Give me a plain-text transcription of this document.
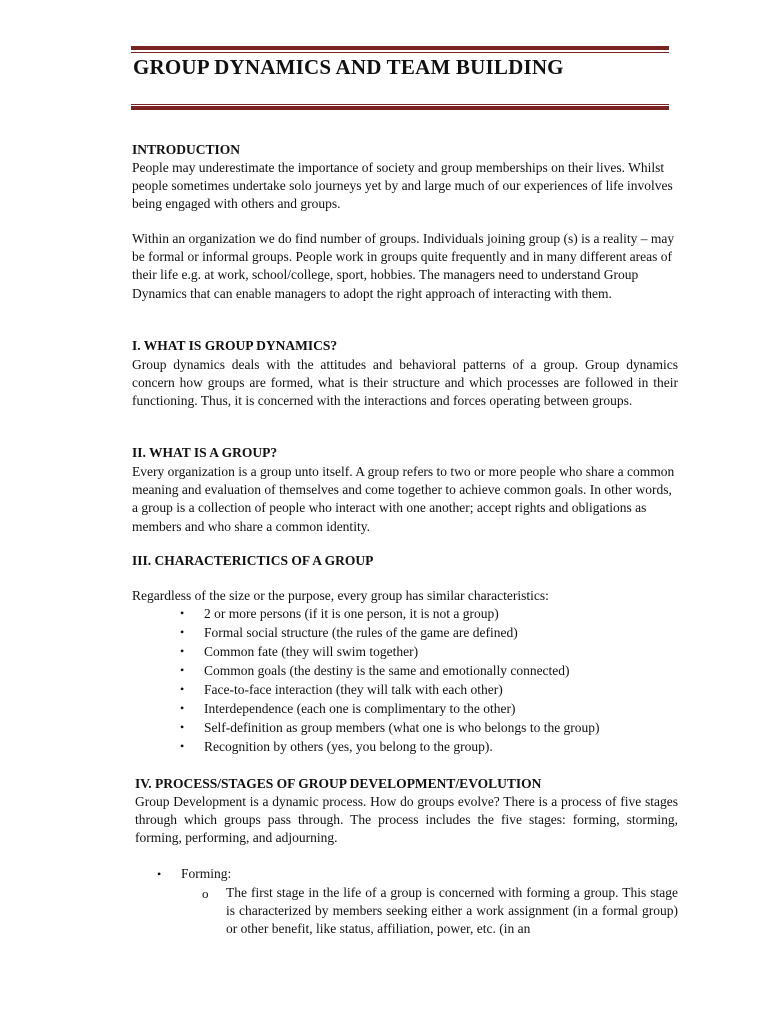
GROUP DYNAMICS AND TEAM BUILDING
INTRODUCTION
People may underestimate the importance of society and group memberships on their lives. Whilst people sometimes undertake solo journeys yet by and large much of our experiences of life involves being engaged with others and groups.
Within an organization we do find number of groups. Individuals joining group (s) is a reality – may be formal or informal groups. People work in groups quite frequently and in many different areas of their life e.g. at work, school/college, sport, hobbies. The managers need to understand Group Dynamics that can enable managers to adopt the right approach of interacting with them.
I. WHAT IS GROUP DYNAMICS?
Group dynamics deals with the attitudes and behavioral patterns of a group. Group dynamics concern how groups are formed, what is their structure and which processes are followed in their functioning. Thus, it is concerned with the interactions and forces operating between groups.
II. WHAT IS A GROUP?
Every organization is a group unto itself. A group refers to two or more people who share a common meaning and evaluation of themselves and come together to achieve common goals. In other words, a group is a collection of people who interact with one another; accept rights and obligations as members and who share a common identity.
III. CHARACTERICTICS OF A GROUP
Regardless of the size or the purpose, every group has similar characteristics:
• 2 or more persons (if it is one person, it is not a group)
• Formal social structure (the rules of the game are defined)
• Common fate (they will swim together)
• Common goals (the destiny is the same and emotionally connected)
• Face-to-face interaction (they will talk with each other)
• Interdependence (each one is complimentary to the other)
• Self-definition as group members (what one is who belongs to the group)
• Recognition by others (yes, you belong to the group).
IV. PROCESS/STAGES OF GROUP DEVELOPMENT/EVOLUTION
Group Development is a dynamic process. How do groups evolve? There is a process of five stages through which groups pass through. The process includes the five stages: forming, storming, forming, performing, and adjourning.
• Forming:
o The first stage in the life of a group is concerned with forming a group. This stage is characterized by members seeking either a work assignment (in a formal group) or other benefit, like status, affiliation, power, etc. (in an
